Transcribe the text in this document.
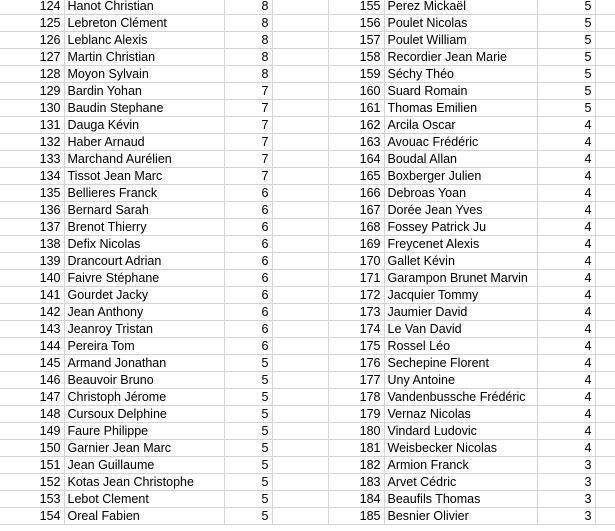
124	Hanot Christian	8		155	Perez Mickaël	5	
125	Lebreton Clément	8		156	Poulet Nicolas	5	
126	Leblanc Alexis	8		157	Poulet William	5	
127	Martin Christian	8		158	Recordier Jean Marie	5	
128	Moyon Sylvain	8		159	Séchy Théo	5	
129	Bardin Yohan	7		160	Suard Romain	5	
130	Baudin Stephane	7		161	Thomas Emilien	5	
131	Dauga Kévin	7		162	Arcila Oscar	4	
132	Haber Arnaud	7		163	Avouac Frédéric	4	
133	Marchand Aurélien	7		164	Boudal Allan	4	
134	Tissot Jean Marc	7		165	Boxberger Julien	4	
135	Bellieres Franck	6		166	Debroas Yoan	4	
136	Bernard Sarah	6		167	Dorée Jean Yves	4	
137	Brenot Thierry	6		168	Fossey Patrick Ju	4	
138	Defix Nicolas	6		169	Freycenet Alexis	4	
139	Drancourt Adrian	6		170	Gallet Kévin	4	
140	Faivre Stéphane	6		171	Garampon Brunet Marvin	4	
141	Gourdet Jacky	6		172	Jacquier Tommy	4	
142	Jean Anthony	6		173	Jaumier David	4	
143	Jeanroy Tristan	6		174	Le Van David	4	
144	Pereira Tom	6		175	Rossel Léo	4	
145	Armand Jonathan	5		176	Sechepine Florent	4	
146	Beauvoir Bruno	5		177	Uny Antoine	4	
147	Christoph Jérome	5		178	Vandenbussche Frédéric	4	
148	Cursoux Delphine	5		179	Vernaz Nicolas	4	
149	Faure Philippe	5		180	Vindard Ludovic	4	
150	Garnier Jean Marc	5		181	Weisbecker Nicolas	4	
151	Jean Guillaume	5		182	Armion Franck	3	
152	Kotas Jean Christophe	5		183	Arvet Cédric	3	
153	Lebot Clement	5		184	Beaufils Thomas	3	
154	Oreal Fabien	5		185	Besnier Olivier	3	
